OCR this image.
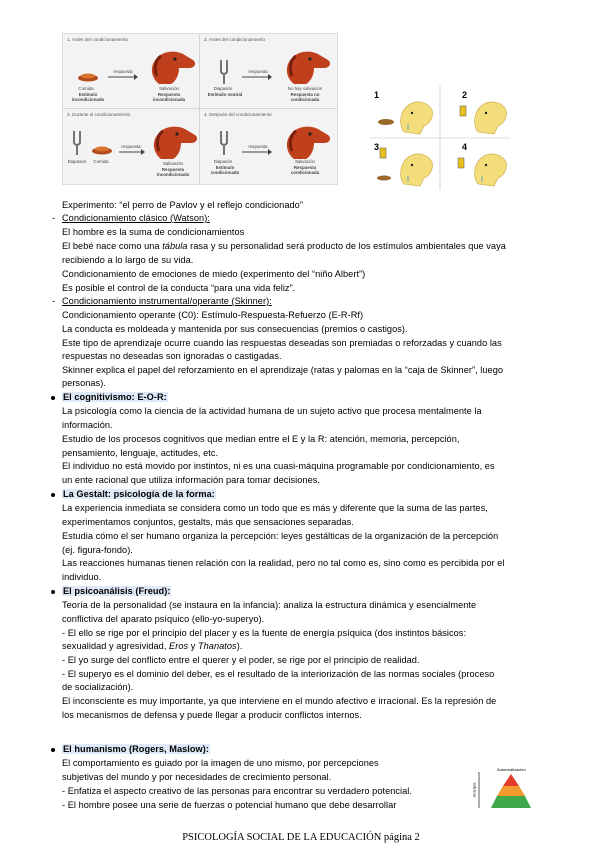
1. Antes del condicionamiento
Comida
respuesta
Salivación
Estímulo incondicionado
Respuesta incondicionada
2. Antes del condicionamiento
Diapasón
respuesta
No hay salivación
Estímulo neutral	Respuesta no condicionada
3. Durante el condicionamiento
Diapasón	Comida
respuesta
Salivación
Respuesta incondicionada
4. Después del condicionamiento
Diapasón
respuesta
Salivación
Estímulo condicionado
Respuesta condicionada
1	2
3	4
Experimento: “el perro de Pavlov y el reflejo condicionado”
- Condicionamiento clásico (Watson):
El hombre es la suma de condicionamientos
El bebé nace como una tábula rasa y su personalidad será producto de los estímulos ambientales que vaya
recibiendo a lo largo de su vida.
Condicionamiento de emociones de miedo (experimento del “niño Albert”)
Es posible el control de la conducta “para una vida feliz”.
- Condicionamiento instrumental/operante (Skinner):
Condicionamiento operante (C0): Estímulo-Respuesta-Refuerzo (E-R-Rf)
La conducta es moldeada y mantenida por sus consecuencias (premios o castigos).
Este tipo de aprendizaje ocurre cuando las respuestas deseadas son premiadas o reforzadas y cuando las
respuestas no deseadas son ignoradas o castigadas.
Skinner explica el papel del reforzamiento en el aprendizaje (ratas y palomas en la “caja de Skinner”, luego
personas).
El cognitivismo: E-O-R:
La psicología como la ciencia de la actividad humana de un sujeto activo que procesa mentalmente la
información.
Estudio de los procesos cognitivos que median entre el E y la R: atención, memoria, percepción,
pensamiento, lenguaje, actitudes, etc.
El individuo no está movido por instintos, ni es una cuasi-máquina programable por condicionamiento, es
un ente racional que utiliza información para tomar decisiones.
La Gestalt: psicología de la forma:
La experiencia inmediata se considera como un todo que es más y diferente que la suma de las partes,
experimentamos conjuntos, gestalts, más que sensaciones separadas.
Estudia cómo el ser humano organiza la percepción: leyes gestálticas de la organización de la percepción
(ej. figura-fondo).
Las reacciones humanas tienen relación con la realidad, pero no tal como es, sino como es percibida por el
individuo.
El psicoanálisis (Freud):
Teoría de la personalidad (se instaura en la infancia): analiza la estructura dinámica y esencialmente
conflictiva del aparato psíquico (ello-yo-superyo).
- El ello se rige por el principio del placer y es la fuente de energía psíquica (dos instintos básicos:
sexualidad y agresividad, Eros y Thanatos).
- El yo surge del conflicto entre el querer y el poder, se rige por el principio de realidad.
- El superyo es el dominio del deber, es el resultado de la interiorización de las normas sociales (proceso
de socialización).
El inconsciente es muy importante, ya que interviene en el mundo afectivo e irracional. Es la represión de
los mecanismos de defensa y puede llegar a producir conflictos internos.
El humanismo (Rogers, Maslow):
El comportamiento es guiado por la imagen de uno mismo, por percepciones
subjetivas del mundo y por necesidades de crecimiento personal.
- Enfatiza el aspecto creativo de las personas para encontrar su verdadero potencial.
- El hombre posee una serie de fuerzas o potencial humano que debe desarrollar
Autorrealización
Jerarquía
PSICOLOGÍA SOCIAL DE LA EDUCACIÓN página 2
